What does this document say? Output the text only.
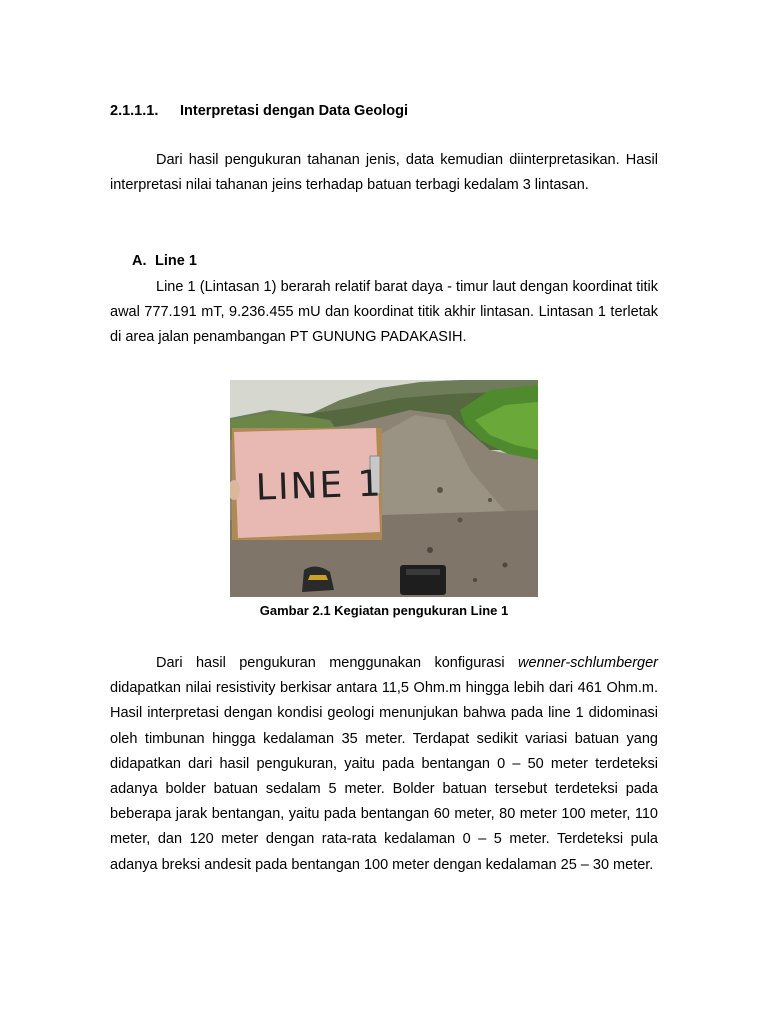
2.1.1.1. Interpretasi dengan Data Geologi

Dari hasil pengukuran tahanan jenis, data kemudian diinterpretasikan. Hasil interpretasi nilai tahanan jeins terhadap batuan terbagi kedalam 3 lintasan.

A. Line 1

Line 1 (Lintasan 1) berarah relatif barat daya - timur laut dengan koordinat titik awal 777.191 mT, 9.236.455 mU dan koordinat titik akhir lintasan. Lintasan 1 terletak di area jalan penambangan PT GUNUNG PADAKASIH.

LINE 1
Gambar 2.1 Kegiatan pengukuran Line 1

Dari hasil pengukuran menggunakan konfigurasi wenner-schlumberger didapatkan nilai resistivity berkisar antara 11,5 Ohm.m hingga lebih dari 461 Ohm.m. Hasil interpretasi dengan kondisi geologi menunjukan bahwa pada line 1 didominasi oleh timbunan hingga kedalaman 35 meter. Terdapat sedikit variasi batuan yang didapatkan dari hasil pengukuran, yaitu pada bentangan 0 – 50 meter terdeteksi adanya bolder batuan sedalam 5 meter. Bolder batuan tersebut terdeteksi pada beberapa jarak bentangan, yaitu pada bentangan 60 meter, 80 meter 100 meter, 110 meter, dan 120 meter dengan rata-rata kedalaman 0 – 5 meter. Terdeteksi pula adanya breksi andesit pada bentangan 100 meter dengan kedalaman 25 – 30 meter.
